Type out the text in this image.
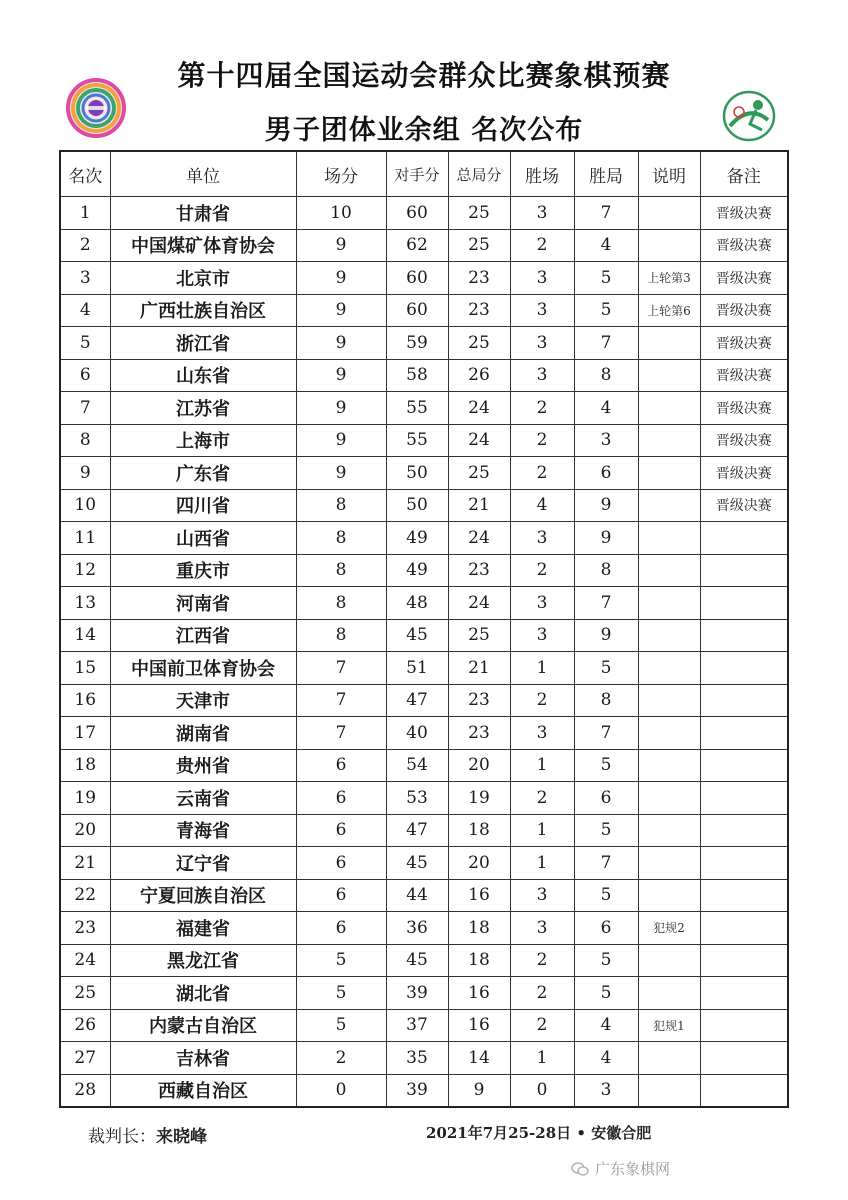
第十四届全国运动会群众比赛象棋预赛
男子团体业余组 名次公布
名次	单位	场分	对手分	总局分	胜场	胜局	说明	备注
1	甘肃省	10	60	25	3	7		晋级决赛
2	中国煤矿体育协会	9	62	25	2	4		晋级决赛
3	北京市	9	60	23	3	5	上轮第3	晋级决赛
4	广西壮族自治区	9	60	23	3	5	上轮第6	晋级决赛
5	浙江省	9	59	25	3	7		晋级决赛
6	山东省	9	58	26	3	8		晋级决赛
7	江苏省	9	55	24	2	4		晋级决赛
8	上海市	9	55	24	2	3		晋级决赛
9	广东省	9	50	25	2	6		晋级决赛
10	四川省	8	50	21	4	9		晋级决赛
11	山西省	8	49	24	3	9		
12	重庆市	8	49	23	2	8		
13	河南省	8	48	24	3	7		
14	江西省	8	45	25	3	9		
15	中国前卫体育协会	7	51	21	1	5		
16	天津市	7	47	23	2	8		
17	湖南省	7	40	23	3	7		
18	贵州省	6	54	20	1	5		
19	云南省	6	53	19	2	6		
20	青海省	6	47	18	1	5		
21	辽宁省	6	45	20	1	7		
22	宁夏回族自治区	6	44	16	3	5		
23	福建省	6	36	18	3	6	犯规2	
24	黑龙江省	5	45	18	2	5		
25	湖北省	5	39	16	2	5		
26	内蒙古自治区	5	37	16	2	4	犯规1	
27	吉林省	2	35	14	1	4		
28	西藏自治区	0	39	9	0	3		
裁判长：来晓峰	2021年7月25-28日 • 安徽合肥
广东象棋网
